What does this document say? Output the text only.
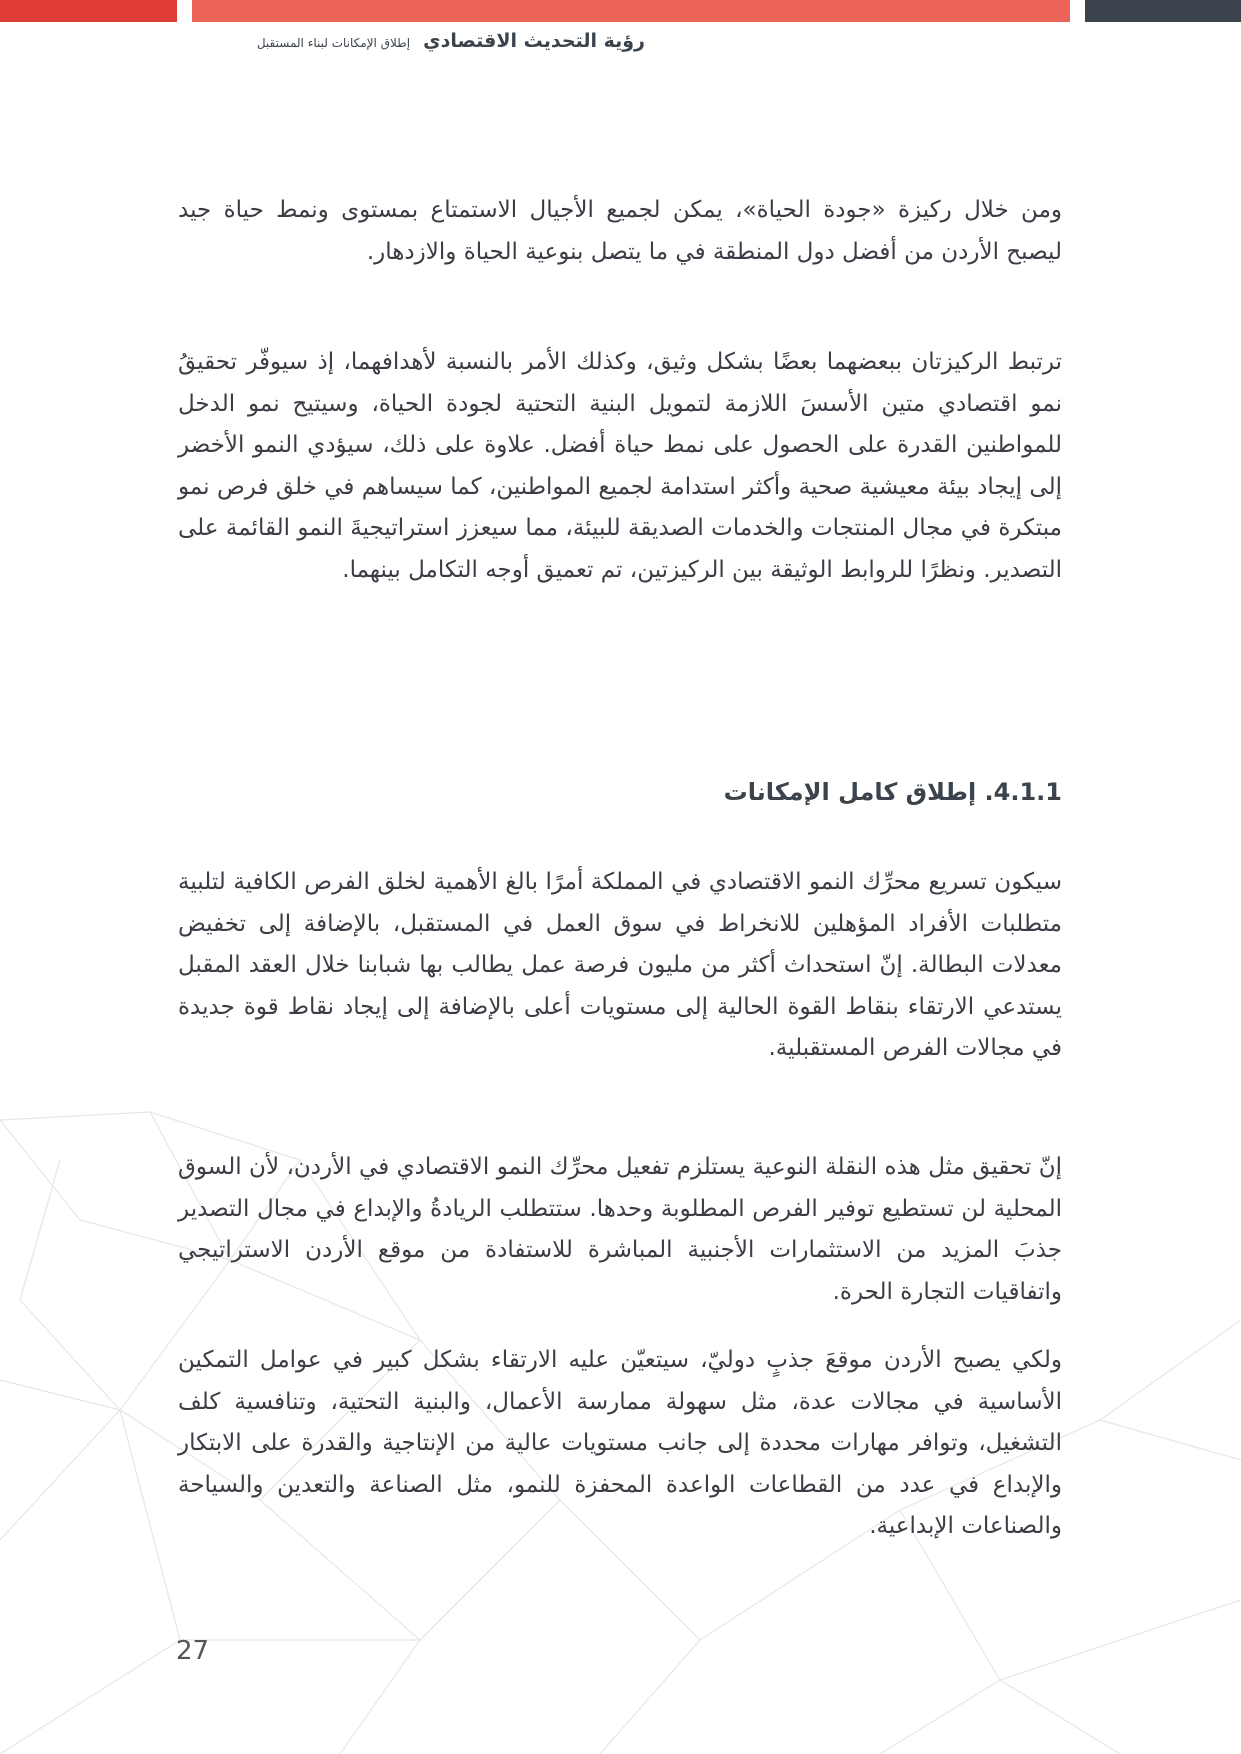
رؤية التحديث الاقتصادي إطلاق الإمكانات لبناء المستقبل

ومن خلال ركيزة «جودة الحياة»، يمكن لجميع الأجيال الاستمتاع بمستوى ونمط حياة جيد ليصبح الأردن من أفضل دول المنطقة في ما يتصل بنوعية الحياة والازدهار.

ترتبط الركيزتان ببعضهما بعضًا بشكل وثيق، وكذلك الأمر بالنسبة لأهدافهما، إذ سيوفّر تحقيقُ نمو اقتصادي متين الأسسَ اللازمة لتمويل البنية التحتية لجودة الحياة، وسيتيح نمو الدخل للمواطنين القدرة على الحصول على نمط حياة أفضل. علاوة على ذلك، سيؤدي النمو الأخضر إلى إيجاد بيئة معيشية صحية وأكثر استدامة لجميع المواطنين، كما سيساهم في خلق فرص نمو مبتكرة في مجال المنتجات والخدمات الصديقة للبيئة، مما سيعزز استراتيجيةَ النمو القائمة على التصدير. ونظرًا للروابط الوثيقة بين الركيزتين، تم تعميق أوجه التكامل بينهما.

4.1.1. إطلاق كامل الإمكانات

سيكون تسريع محرِّك النمو الاقتصادي في المملكة أمرًا بالغ الأهمية لخلق الفرص الكافية لتلبية متطلبات الأفراد المؤهلين للانخراط في سوق العمل في المستقبل، بالإضافة إلى تخفيض معدلات البطالة. إنّ استحداث أكثر من مليون فرصة عمل يطالب بها شبابنا خلال العقد المقبل يستدعي الارتقاء بنقاط القوة الحالية إلى مستويات أعلى بالإضافة إلى إيجاد نقاط قوة جديدة في مجالات الفرص المستقبلية.

إنّ تحقيق مثل هذه النقلة النوعية يستلزم تفعيل محرِّك النمو الاقتصادي في الأردن، لأن السوق المحلية لن تستطيع توفير الفرص المطلوبة وحدها. ستتطلب الريادةُ والإبداع في مجال التصدير جذبَ المزيد من الاستثمارات الأجنبية المباشرة للاستفادة من موقع الأردن الاستراتيجي واتفاقيات التجارة الحرة.

ولكي يصبح الأردن موقعَ جذبٍ دوليّ، سيتعيّن عليه الارتقاء بشكل كبير في عوامل التمكين الأساسية في مجالات عدة، مثل سهولة ممارسة الأعمال، والبنية التحتية، وتنافسية كلف التشغيل، وتوافر مهارات محددة إلى جانب مستويات عالية من الإنتاجية والقدرة على الابتكار والإبداع في عدد من القطاعات الواعدة المحفزة للنمو، مثل الصناعة والتعدين والسياحة والصناعات الإبداعية.

27
